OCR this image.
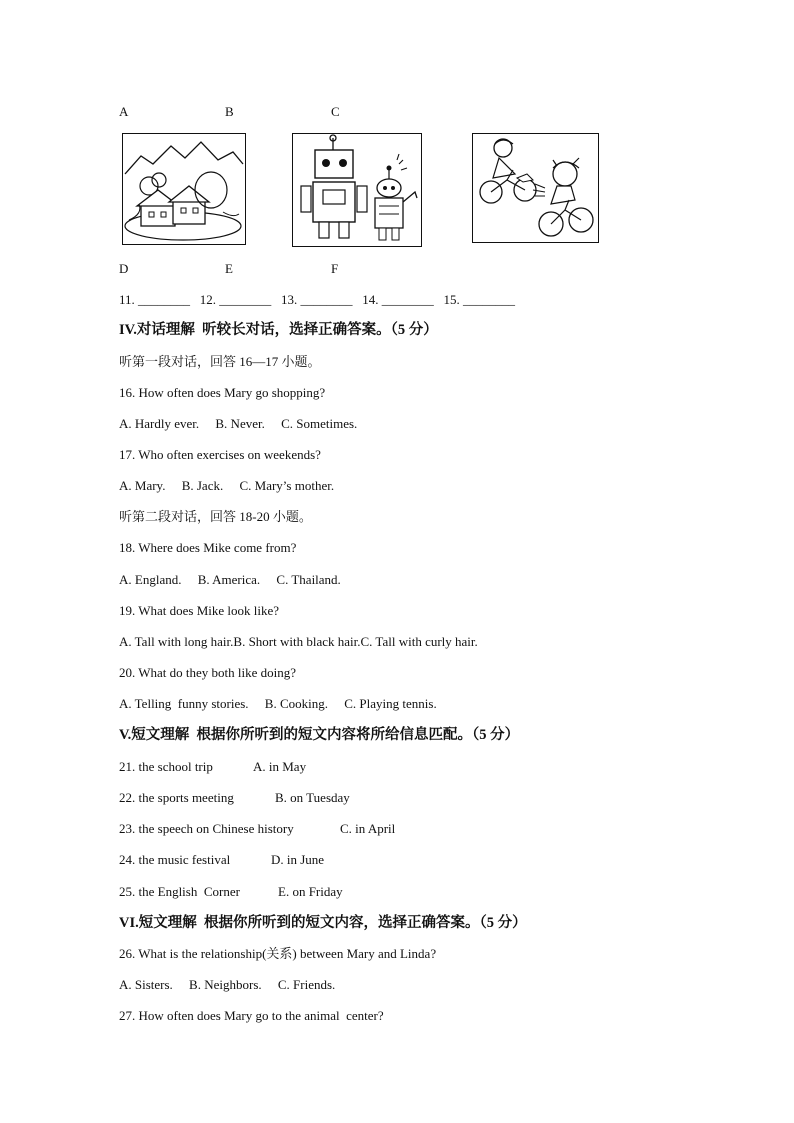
A	B	C
D	E	F
11. ________   12. ________   13. ________   14. ________   15. ________
IV.对话理解  听较长对话，选择正确答案。（5 分）
听第一段对话，回答 16—17 小题。
16. How often does Mary go shopping?
A. Hardly ever.     B. Never.     C. Sometimes.
17. Who often exercises on weekends?
A. Mary.     B. Jack.     C. Mary’s mother.
听第二段对话，回答 18-20 小题。
18. Where does Mike come from?
A. England.     B. America.     C. Thailand.
19. What does Mike look like?
A. Tall with long hair.B. Short with black hair.C. Tall with curly hair.
20. What do they both like doing?
A. Telling  funny stories.     B. Cooking.     C. Playing tennis.
V.短文理解  根据你所听到的短文内容将所给信息匹配。（5 分）
21. the school trip	A. in May
22. the sports meeting	B. on Tuesday
23. the speech on Chinese history	C. in April
24. the music festival	D. in June
25. the English  Corner	E. on Friday
VI.短文理解  根据你所听到的短文内容，选择正确答案。（5 分）
26. What is the relationship(关系) between Mary and Linda?
A. Sisters.     B. Neighbors.     C. Friends.
27. How often does Mary go to the animal  center?
